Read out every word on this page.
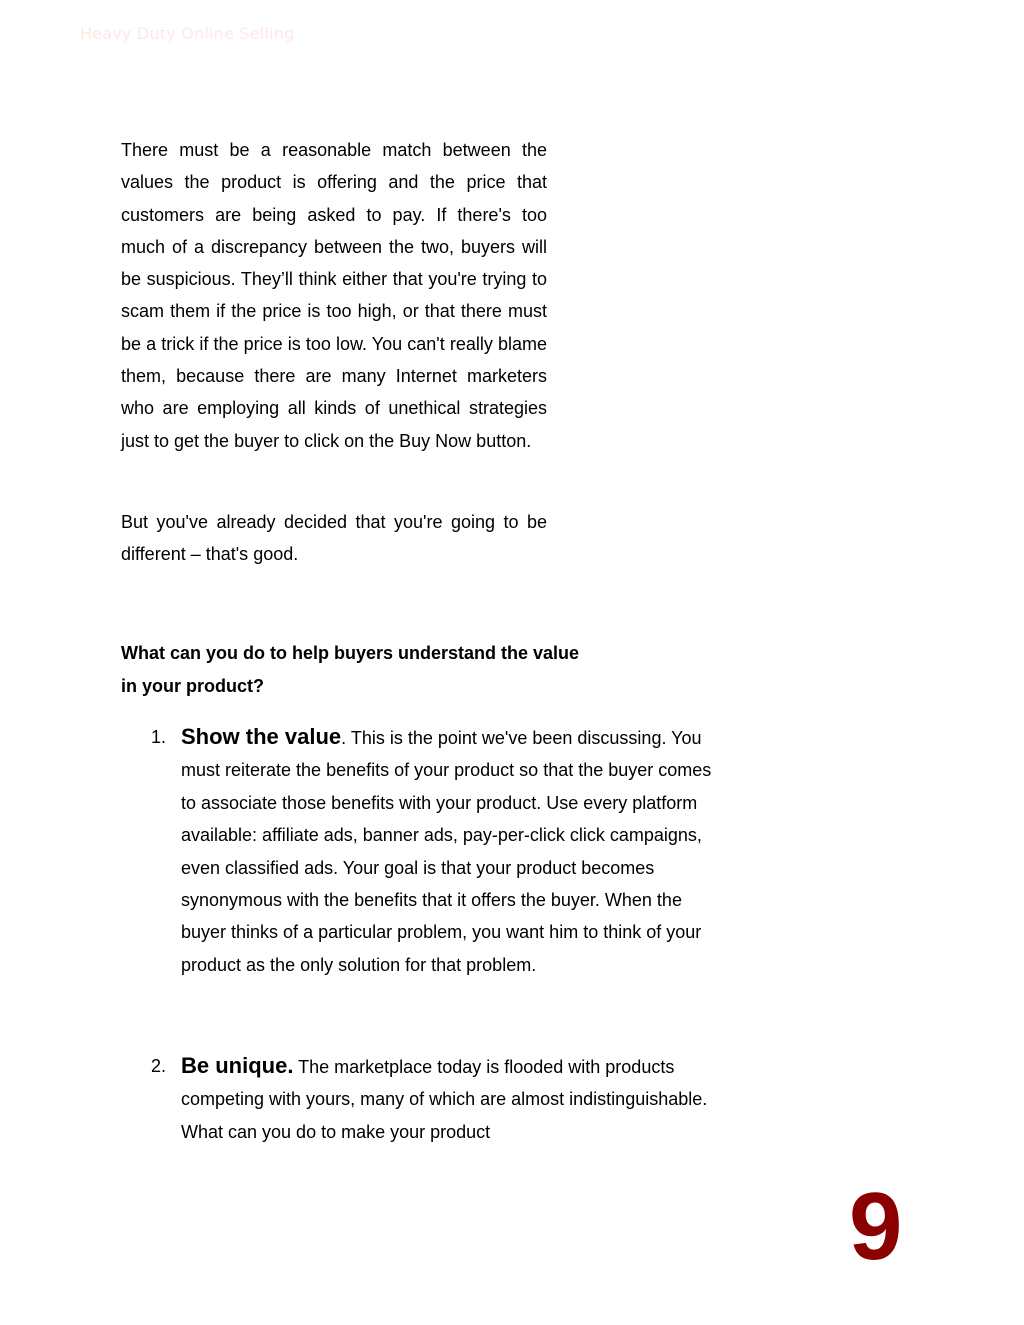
Heavy Duty Online Selling

There must be a reasonable match between the values the product is offering and the price that customers are being asked to pay. If there's too much of a discrepancy between the two, buyers will be suspicious. They’ll think either that you're trying to scam them if the price is too high, or that there must be a trick if the price is too low. You can't really blame them, because there are many Internet marketers who are employing all kinds of unethical strategies just to get the buyer to click on the Buy Now button.

But you've already decided that you're going to be different – that's good.

What can you do to help buyers understand the value in your product?
1. Show the value. This is the point we've been discussing. You must reiterate the benefits of your product so that the buyer comes to associate those benefits with your product. Use every platform available: affiliate ads, banner ads, pay-per-click click campaigns, even classified ads. Your goal is that your product becomes synonymous with the benefits that it offers the buyer. When the buyer thinks of a particular problem, you want him to think of your product as the only solution for that problem.
2. Be unique. The marketplace today is flooded with products competing with yours, many of which are almost indistinguishable. What can you do to make your product
9
